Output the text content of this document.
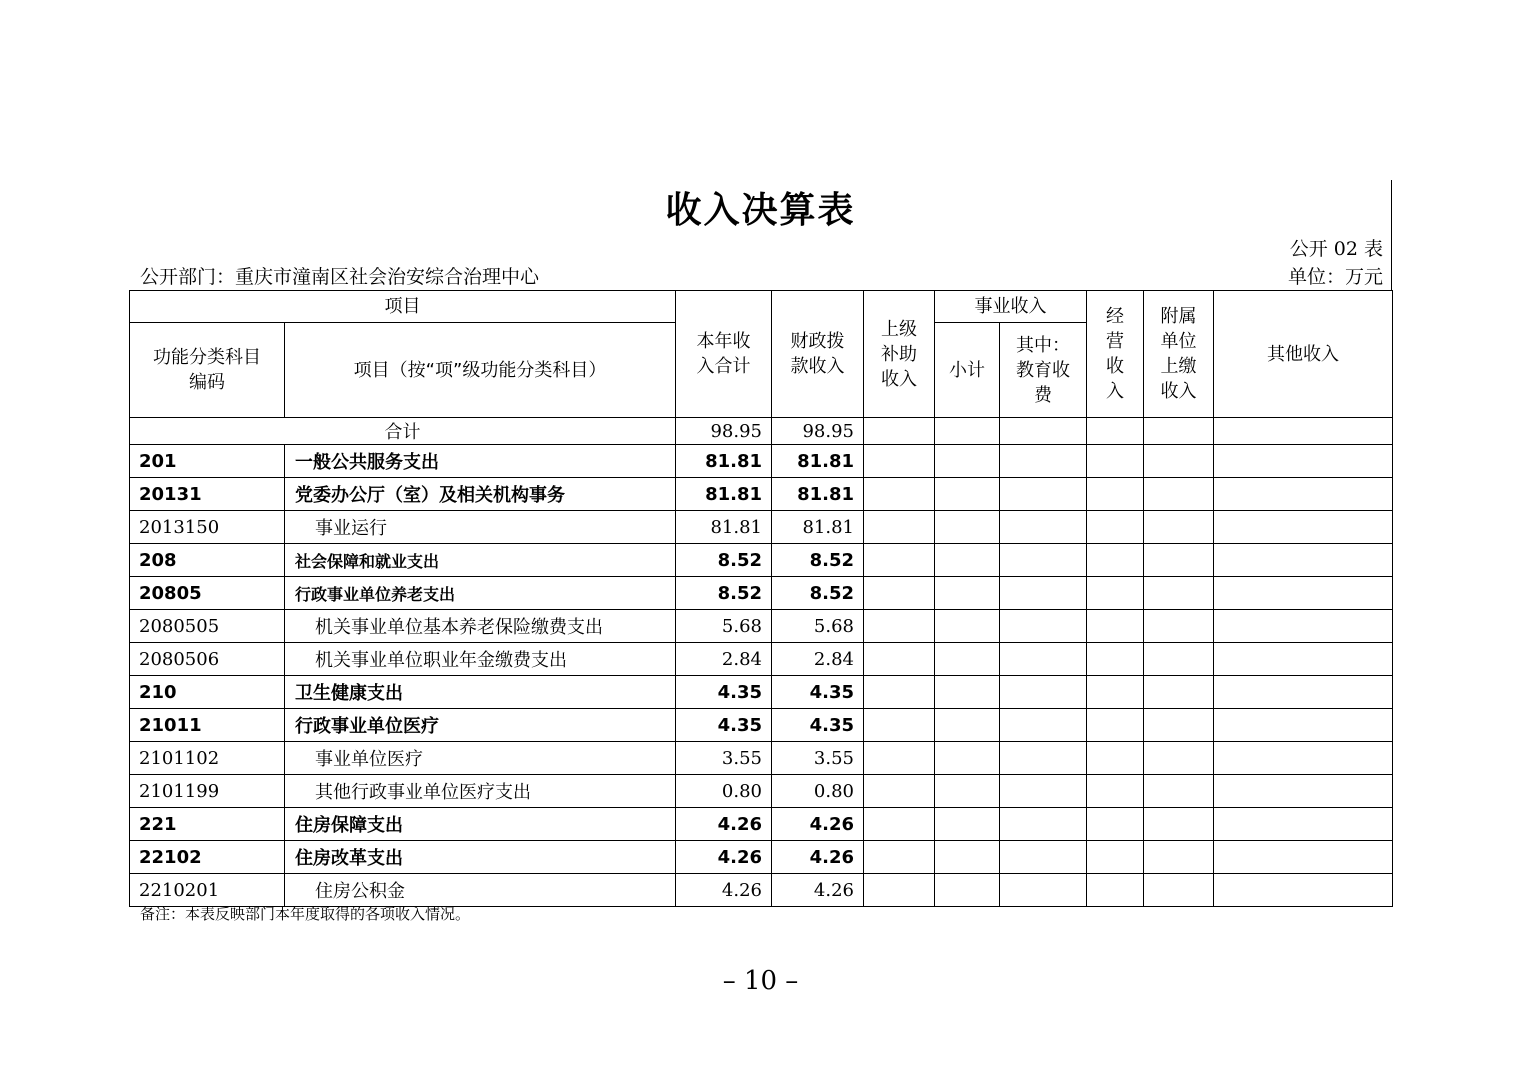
收入决算表
公开 02 表
公开部门：重庆市潼南区社会治安综合治理中心	单位：万元
项目		本年收入合计	财政拨款收入	上级补助收入	事业收入		经营收入	附属单位上缴收入	其他收入
功能分类科目编码	项目（按“项”级功能分类科目）				小计	其中：教育收费			
合计		98.95	98.95						
201	一般公共服务支出	81.81	81.81						
20131	党委办公厅（室）及相关机构事务	81.81	81.81						
2013150	事业运行	81.81	81.81						
208	社会保障和就业支出	8.52	8.52						
20805	行政事业单位养老支出	8.52	8.52						
2080505	机关事业单位基本养老保险缴费支出	5.68	5.68						
2080506	机关事业单位职业年金缴费支出	2.84	2.84						
210	卫生健康支出	4.35	4.35						
21011	行政事业单位医疗	4.35	4.35						
2101102	事业单位医疗	3.55	3.55						
2101199	其他行政事业单位医疗支出	0.80	0.80						
221	住房保障支出	4.26	4.26						
22102	住房改革支出	4.26	4.26						
2210201	住房公积金	4.26	4.26						
备注：本表反映部门本年度取得的各项收入情况。
– 10 –
